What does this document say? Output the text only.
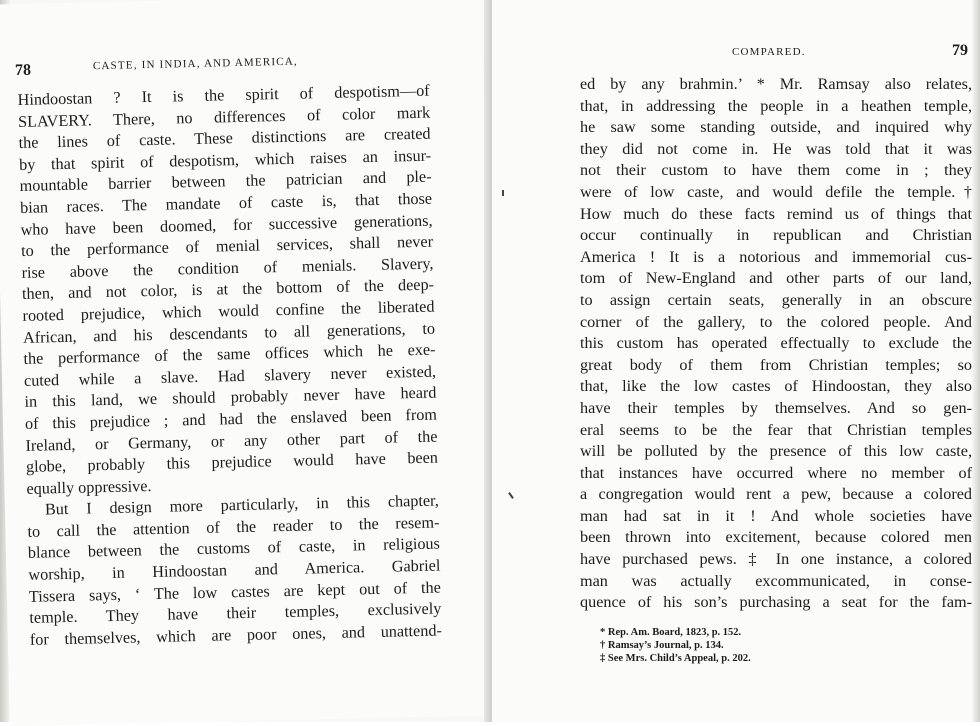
78	CASTE, IN INDIA, AND AMERICA,
Hindoostan ? It is the spirit of despotism—of
SLAVERY. There, no differences of color mark
the lines of caste. These distinctions are created
by that spirit of despotism, which raises an insur-
mountable barrier between the patrician and ple-
bian races. The mandate of caste is, that those
who have been doomed, for successive generations,
to the performance of menial services, shall never
rise above the condition of menials. Slavery,
then, and not color, is at the bottom of the deep-
rooted prejudice, which would confine the liberated
African, and his descendants to all generations, to
the performance of the same offices which he exe-
cuted while a slave. Had slavery never existed,
in this land, we should probably never have heard
of this prejudice ; and had the enslaved been from
Ireland, or Germany, or any other part of the
globe, probably this prejudice would have been
equally oppressive.
But I design more particularly, in this chapter,
to call the attention of the reader to the resem-
blance between the customs of caste, in religious
worship, in Hindoostan and America. Gabriel
Tissera says, ‘ The low castes are kept out of the
temple. They have their temples, exclusively
for themselves, which are poor ones, and unattend-
COMPARED.	79
ed by any brahmin.’ * Mr. Ramsay also relates,
that, in addressing the people in a heathen temple,
he saw some standing outside, and inquired why
they did not come in. He was told that it was
not their custom to have them come in ; they
were of low caste, and would defile the temple.†
How much do these facts remind us of things that
occur continually in republican and Christian
America ! It is a notorious and immemorial cus-
tom of New-England and other parts of our land,
to assign certain seats, generally in an obscure
corner of the gallery, to the colored people. And
this custom has operated effectually to exclude the
great body of them from Christian temples; so
that, like the low castes of Hindoostan, they also
have their temples by themselves. And so gen-
eral seems to be the fear that Christian temples
will be polluted by the presence of this low caste,
that instances have occurred where no member of
a congregation would rent a pew, because a colored
man had sat in it ! And whole societies have
been thrown into excitement, because colored men
have purchased pews. ‡ In one instance, a colored
man was actually excommunicated, in conse-
quence of his son’s purchasing a seat for the fam-
* Rep. Am. Board, 1823, p. 152.
† Ramsay’s Journal, p. 134.
‡ See Mrs. Child’s Appeal, p. 202.
